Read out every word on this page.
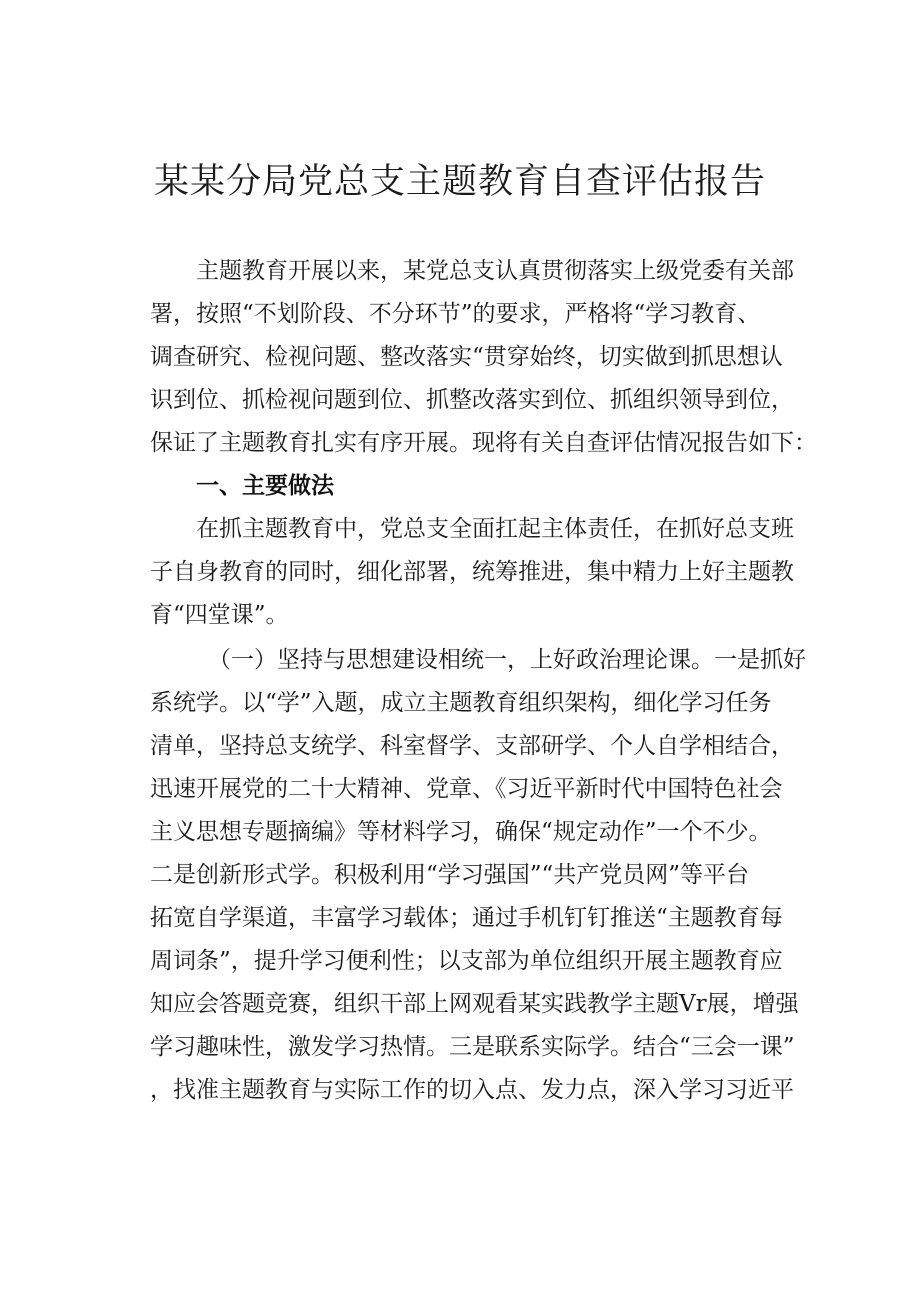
某某分局党总支主题教育自查评估报告
主题教育开展以来，某党总支认真贯彻落实上级党委有关部
署，按照“不划阶段、不分环节”的要求，严格将“学习教育、
调查研究、检视问题、整改落实“贯穿始终，切实做到抓思想认
识到位、抓检视问题到位、抓整改落实到位、抓组织领导到位，
保证了主题教育扎实有序开展。现将有关自查评估情况报告如下：
一、主要做法
在抓主题教育中，党总支全面扛起主体责任，在抓好总支班
子自身教育的同时，细化部署，统筹推进，集中精力上好主题教
育“四堂课”。
（一）坚持与思想建设相统一，上好政治理论课。一是抓好
系统学。以“学”入题，成立主题教育组织架构，细化学习任务
清单，坚持总支统学、科室督学、支部研学、个人自学相结合，
迅速开展党的二十大精神、党章、《习近平新时代中国特色社会
主义思想专题摘编》等材料学习，确保“规定动作”一个不少。
二是创新形式学。积极利用“学习强国”“共产党员网”等平台
拓宽自学渠道，丰富学习载体；通过手机钉钉推送“主题教育每
周词条”，提升学习便利性；以支部为单位组织开展主题教育应
知应会答题竞赛，组织干部上网观看某实践教学主题Vr展，增强
学习趣味性，激发学习热情。三是联系实际学。结合“三会一课”
，找准主题教育与实际工作的切入点、发力点，深入学习习近平
